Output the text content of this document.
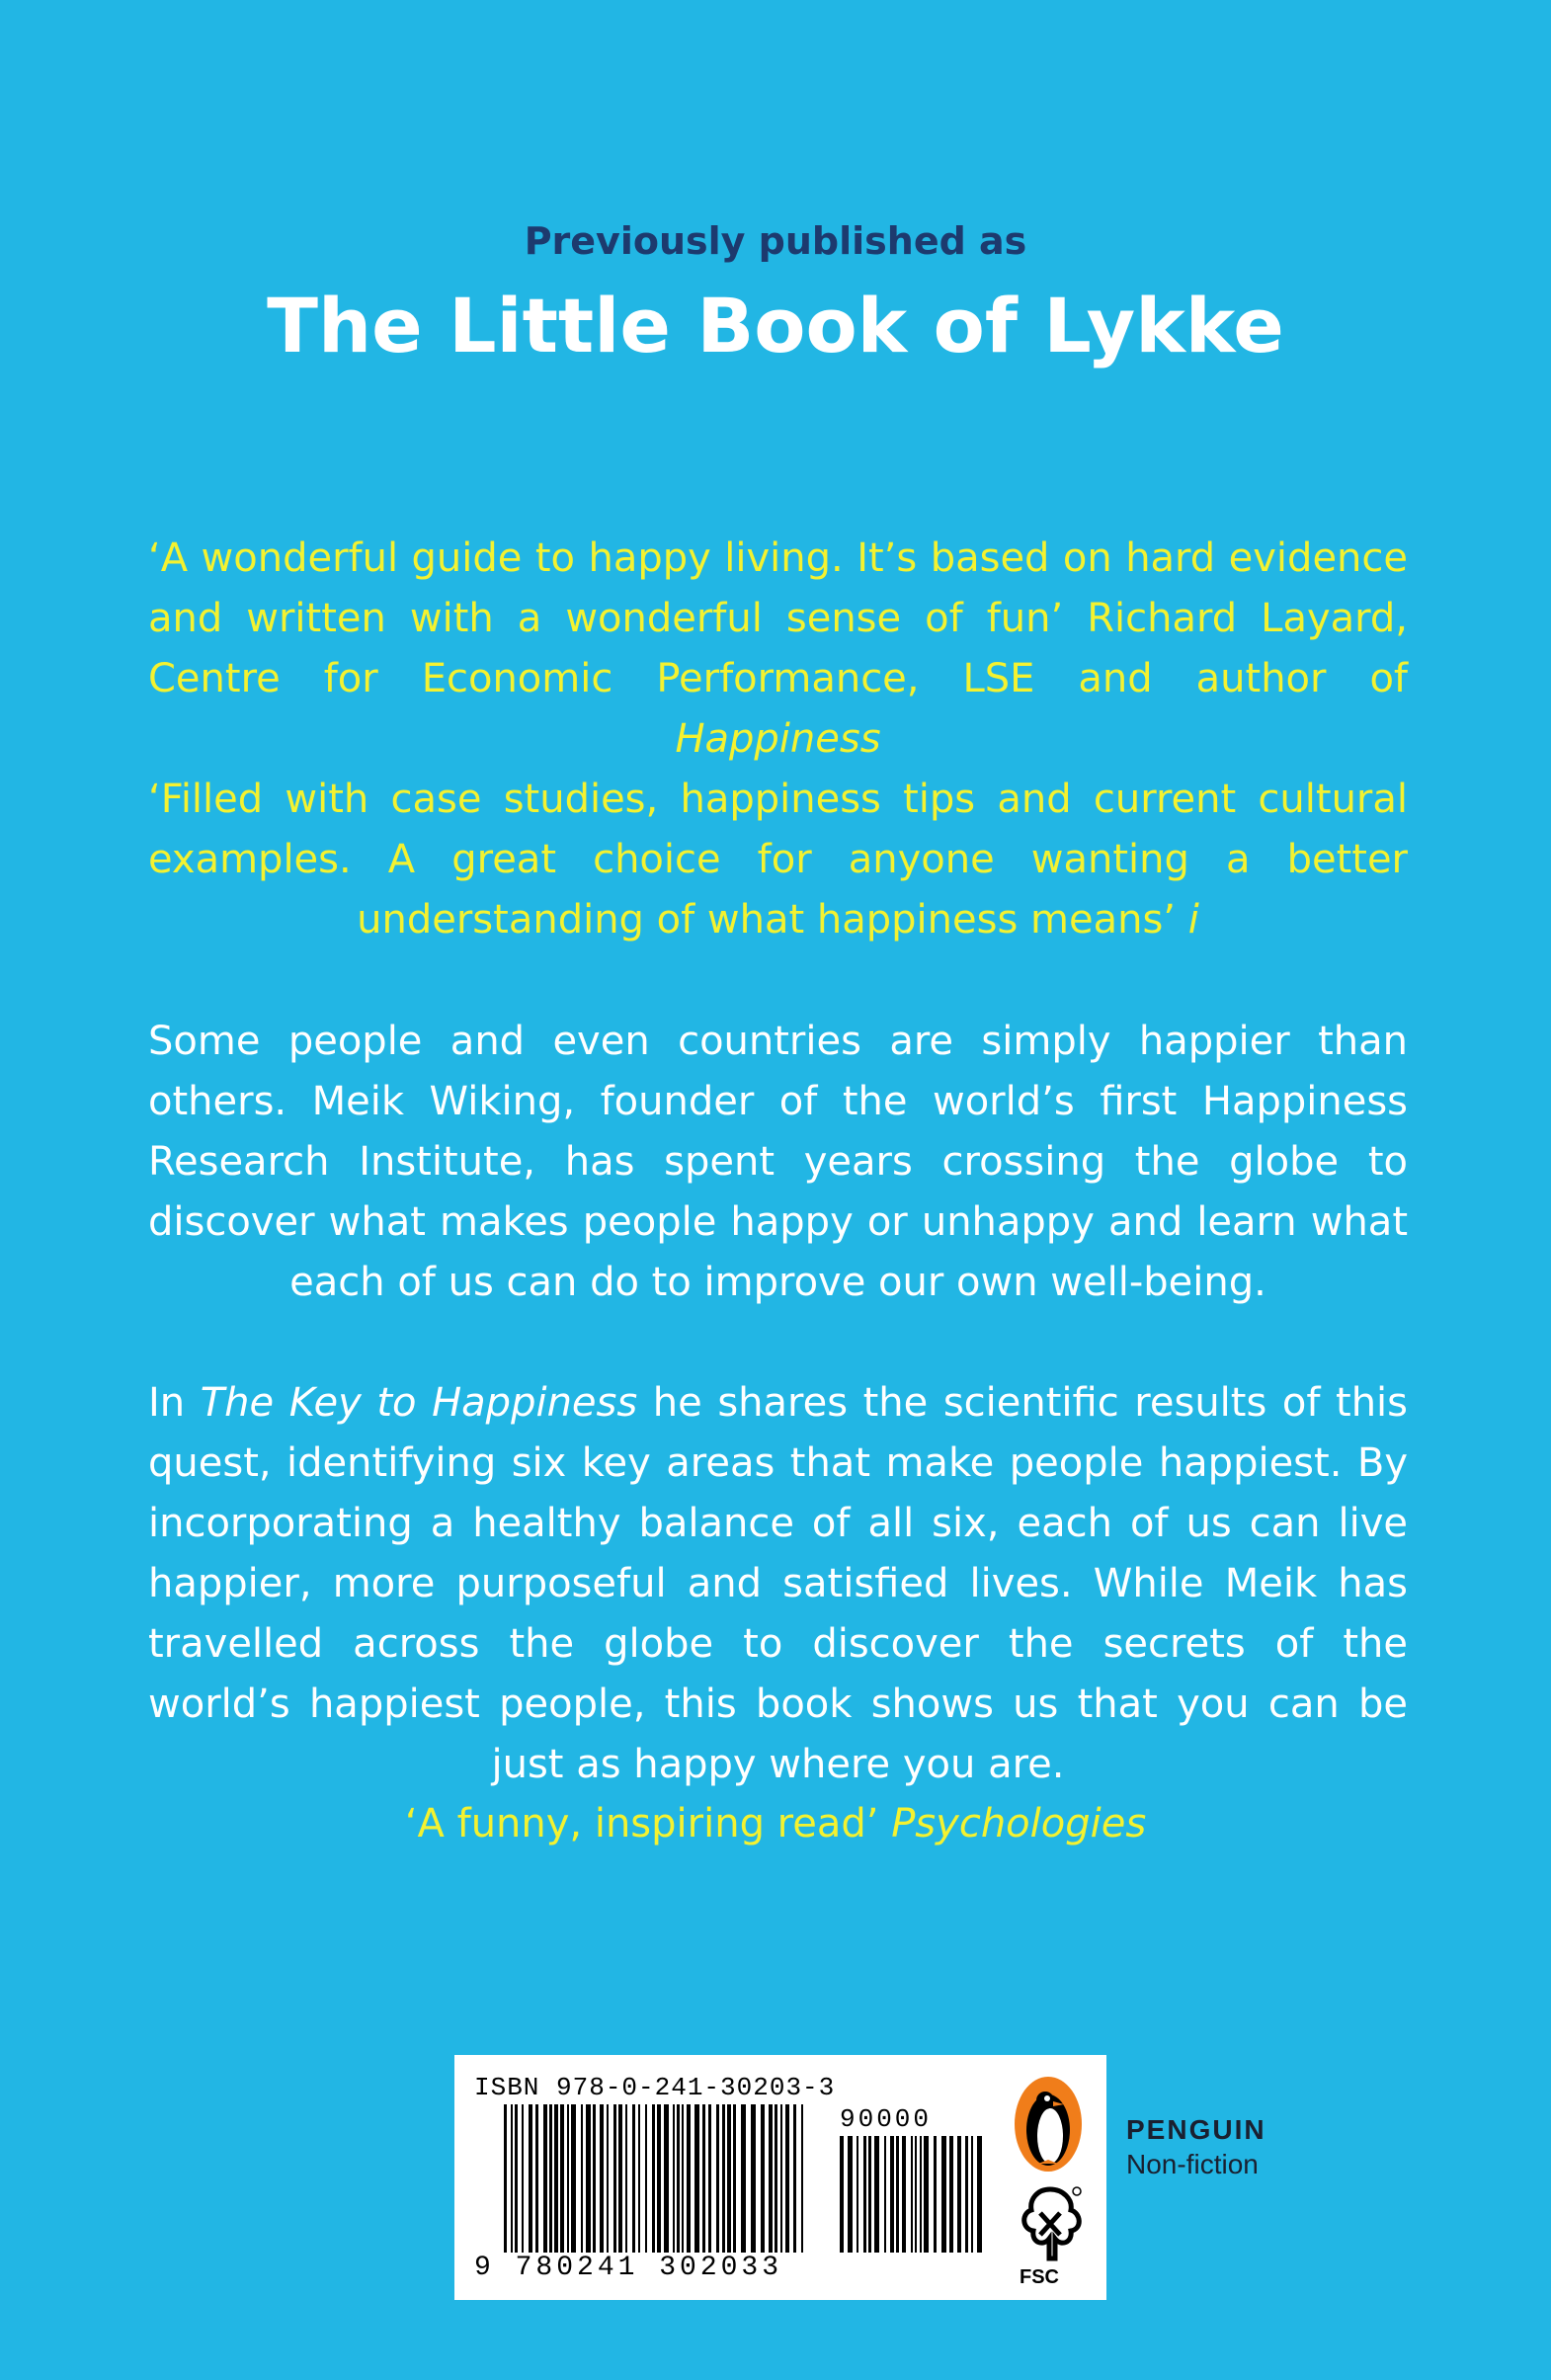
Previously published as
The Little Book of Lykke
‘A wonderful guide to happy living. It’s based on hard evidence and written with a wonderful sense of fun’ Richard Layard, Centre for Economic Performance, LSE and author of Happiness
‘Filled with case studies, happiness tips and current cultural examples. A great choice for anyone wanting a better understanding of what happiness means’ i
Some people and even countries are simply happier than others. Meik Wiking, founder of the world’s first Happiness Research Institute, has spent years crossing the globe to discover what makes people happy or unhappy and learn what each of us can do to improve our own well-being.
In The Key to Happiness he shares the scientific results of this quest, identifying six key areas that make people happiest. By incorporating a healthy balance of all six, each of us can live happier, more purposeful and satisfied lives. While Meik has travelled across the globe to discover the secrets of the world’s happiest people, this book shows us that you can be just as happy where you are.
‘A funny, inspiring read’ Psychologies
ISBN 978-0-241-30203-3
90000
9 780241 302033	FSC
PENGUIN
Non-fiction
